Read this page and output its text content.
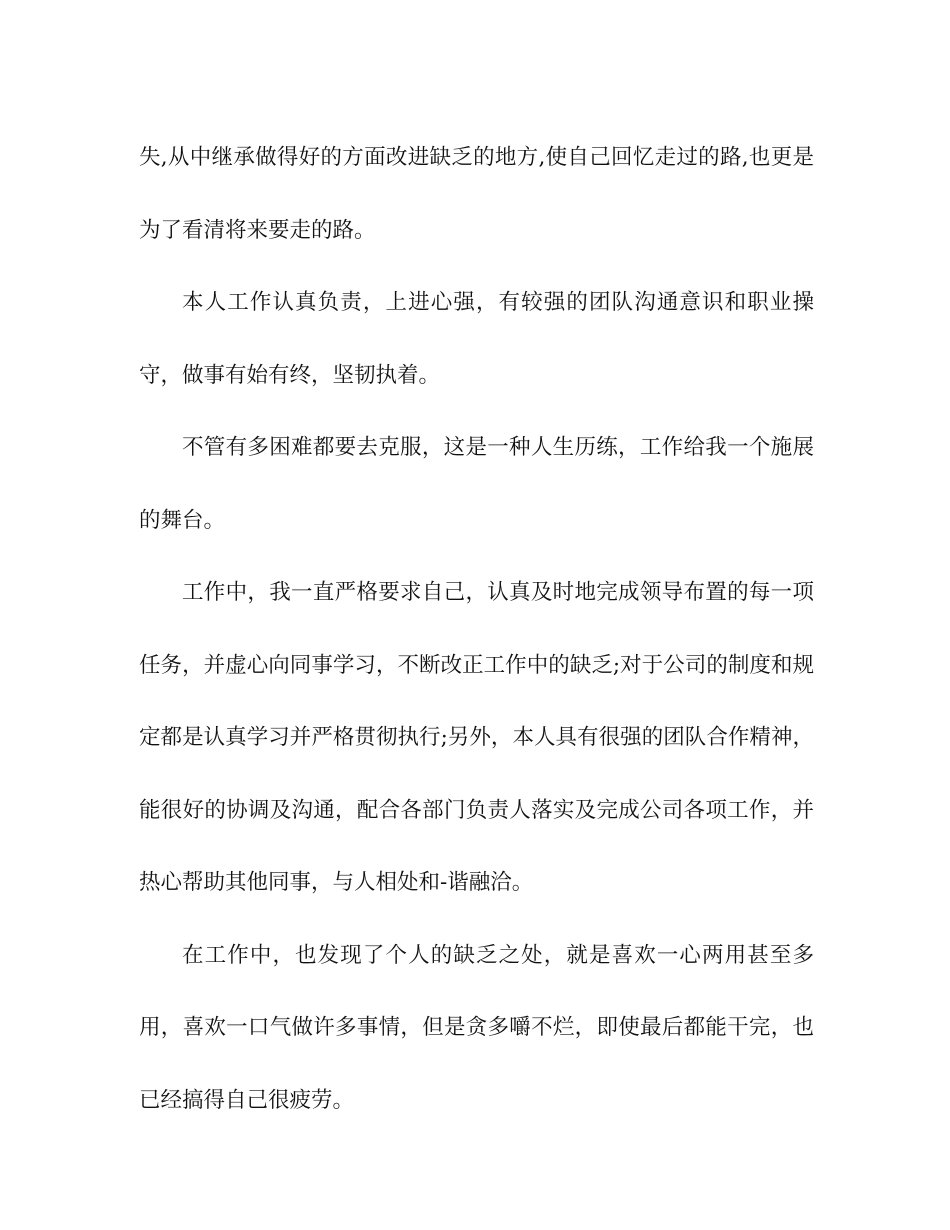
失,从中继承做得好的方面改进缺乏的地方,使自己回忆走过的路,也更是为了看清将来要走的路。

本人工作认真负责，上进心强，有较强的团队沟通意识和职业操守，做事有始有终，坚韧执着。

不管有多困难都要去克服，这是一种人生历练，工作给我一个施展的舞台。

工作中，我一直严格要求自己，认真及时地完成领导布置的每一项任务，并虚心向同事学习，不断改正工作中的缺乏;对于公司的制度和规定都是认真学习并严格贯彻执行;另外，本人具有很强的团队合作精神，能很好的协调及沟通，配合各部门负责人落实及完成公司各项工作，并热心帮助其他同事，与人相处和-谐融洽。

在工作中，也发现了个人的缺乏之处，就是喜欢一心两用甚至多用，喜欢一口气做许多事情，但是贪多嚼不烂，即使最后都能干完，也已经搞得自己很疲劳。
